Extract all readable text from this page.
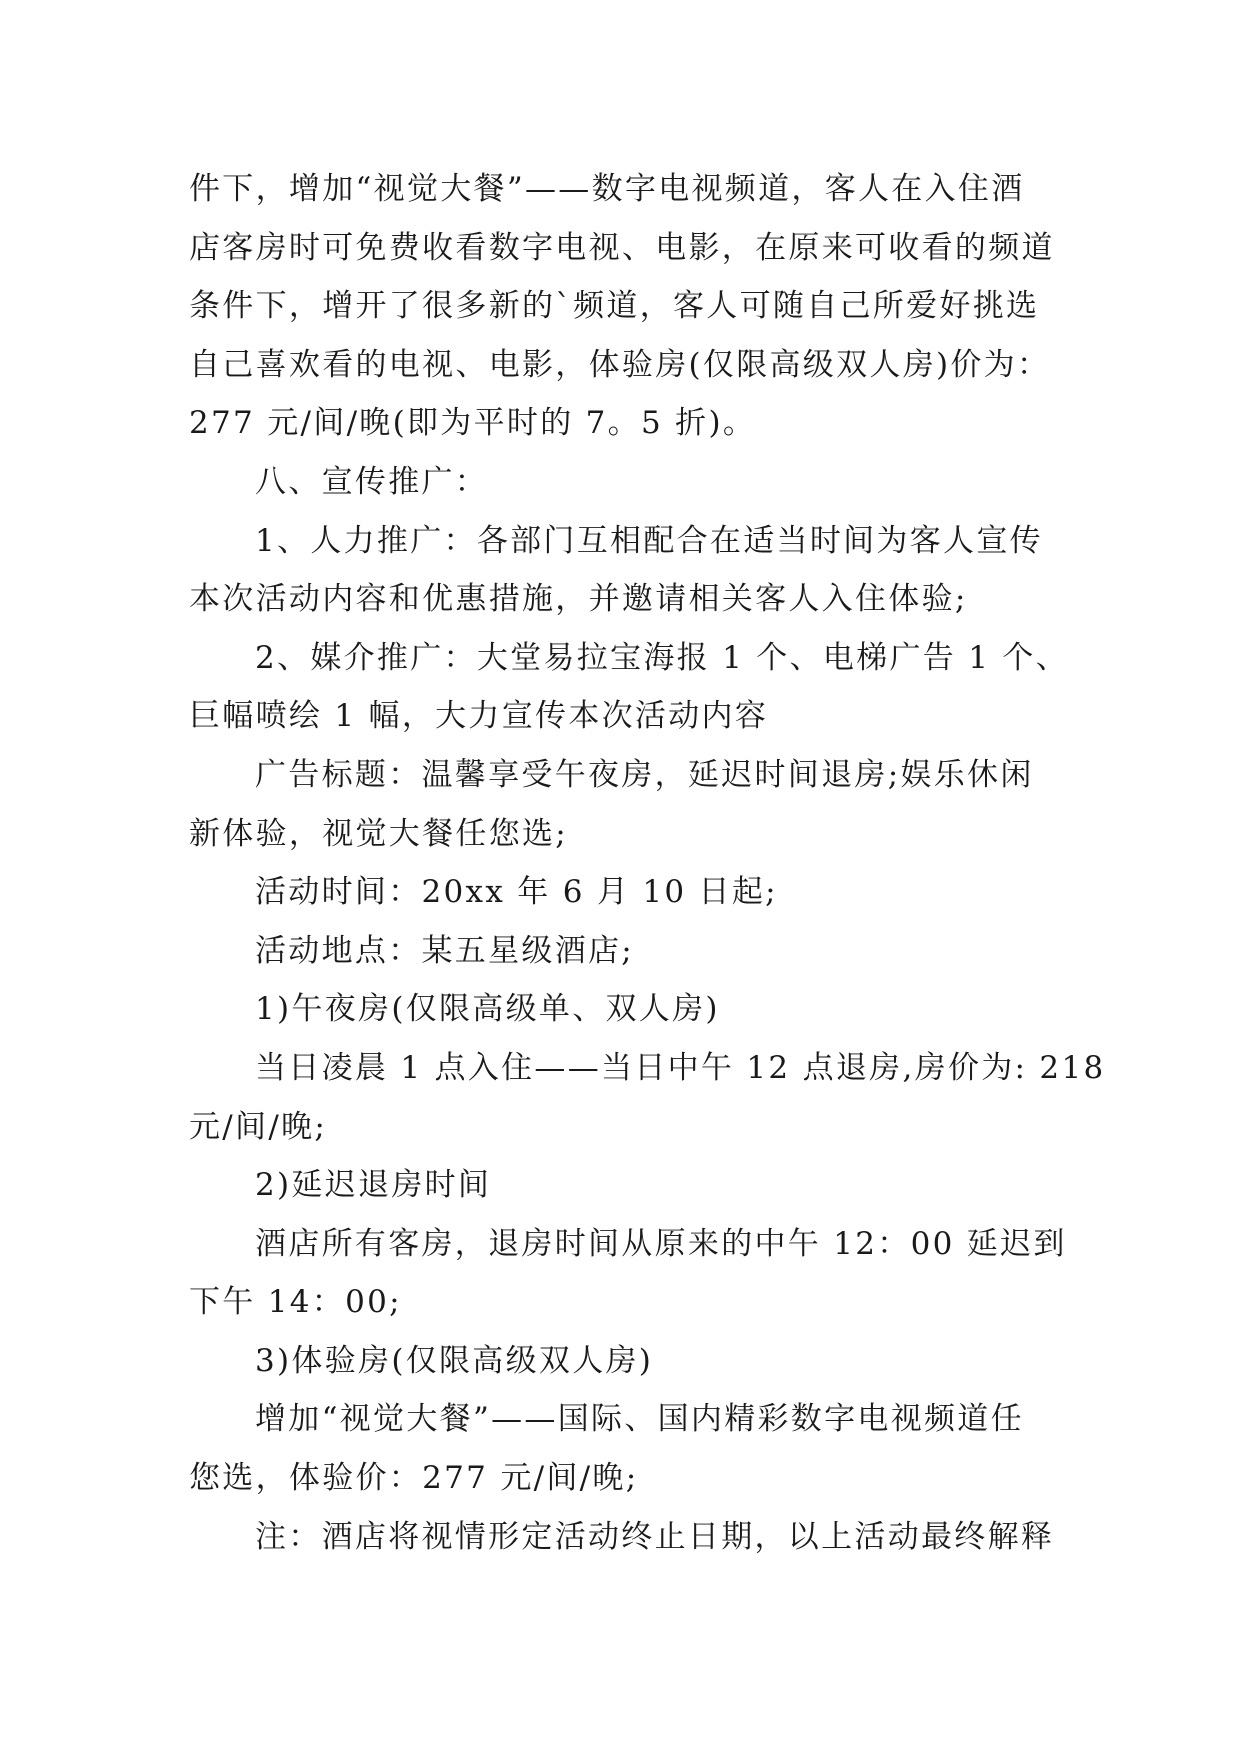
件下，增加“视觉大餐”——数字电视频道，客人在入住酒

店客房时可免费收看数字电视、电影，在原来可收看的频道

条件下，增开了很多新的`频道，客人可随自己所爱好挑选

自己喜欢看的电视、电影，体验房(仅限高级双人房)价为：

277 元/间/晚(即为平时的 7。5 折)。

八、宣传推广：

1、人力推广：各部门互相配合在适当时间为客人宣传

本次活动内容和优惠措施，并邀请相关客人入住体验;

2、媒介推广：大堂易拉宝海报 1 个、电梯广告 1 个、

巨幅喷绘 1 幅，大力宣传本次活动内容

广告标题：温馨享受午夜房，延迟时间退房;娱乐休闲

新体验，视觉大餐任您选;

活动时间：20xx 年 6 月 10 日起;

活动地点：某五星级酒店;

1)午夜房(仅限高级单、双人房)

当日凌晨 1 点入住——当日中午 12 点退房,房价为: 218

元/间/晚;

2)延迟退房时间

酒店所有客房，退房时间从原来的中午 12：00 延迟到

下午 14：00;

3)体验房(仅限高级双人房)

增加“视觉大餐”——国际、国内精彩数字电视频道任

您选，体验价：277 元/间/晚;

注：酒店将视情形定活动终止日期，以上活动最终解释
